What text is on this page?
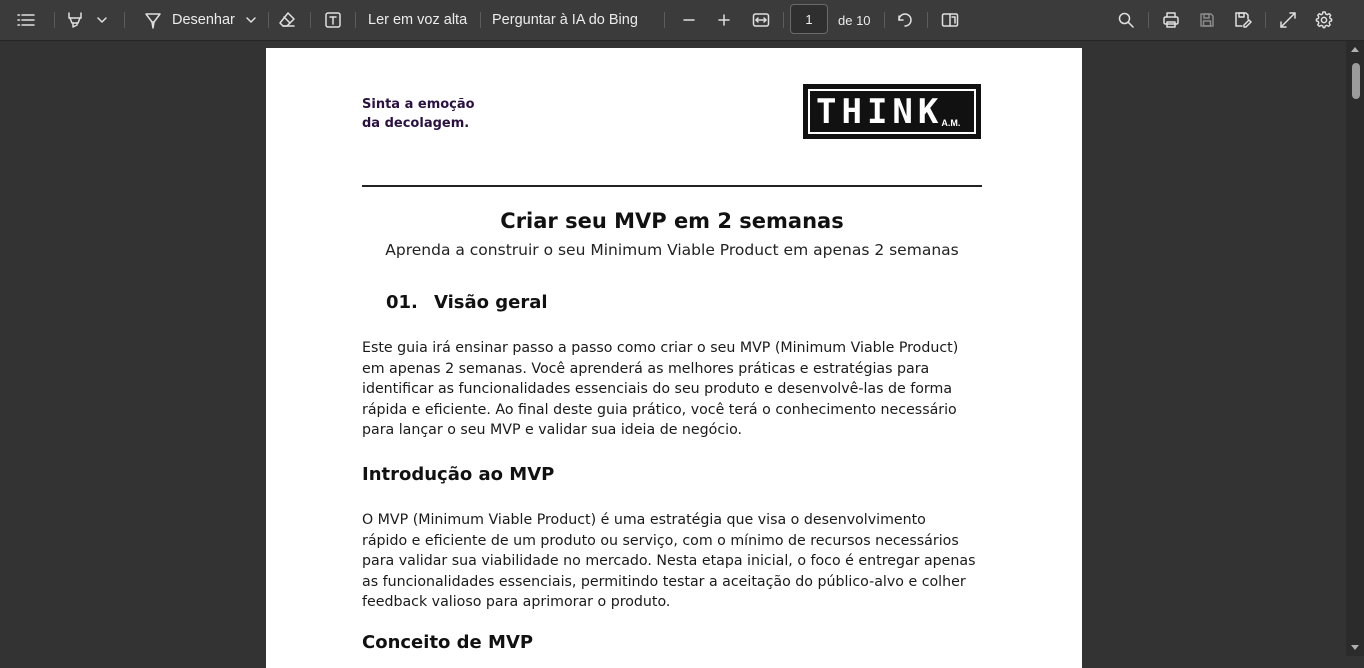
Desenhar	Ler em voz alta Perguntar à IA do Bing
1	de 10
Sinta a emoção
da decolagem.	THINK
A.M.
Criar seu MVP em 2 semanas
Aprenda a construir o seu Minimum Viable Product em apenas 2 semanas
01. Visão geral
Este guia irá ensinar passo a passo como criar o seu MVP (Minimum Viable Product)
em apenas 2 semanas. Você aprenderá as melhores práticas e estratégias para
identificar as funcionalidades essenciais do seu produto e desenvolvê-las de forma
rápida e eficiente. Ao final deste guia prático, você terá o conhecimento necessário
para lançar o seu MVP e validar sua ideia de negócio.
Introdução ao MVP
O MVP (Minimum Viable Product) é uma estratégia que visa o desenvolvimento
rápido e eficiente de um produto ou serviço, com o mínimo de recursos necessários
para validar sua viabilidade no mercado. Nesta etapa inicial, o foco é entregar apenas
as funcionalidades essenciais, permitindo testar a aceitação do público-alvo e colher
feedback valioso para aprimorar o produto.
Conceito de MVP
